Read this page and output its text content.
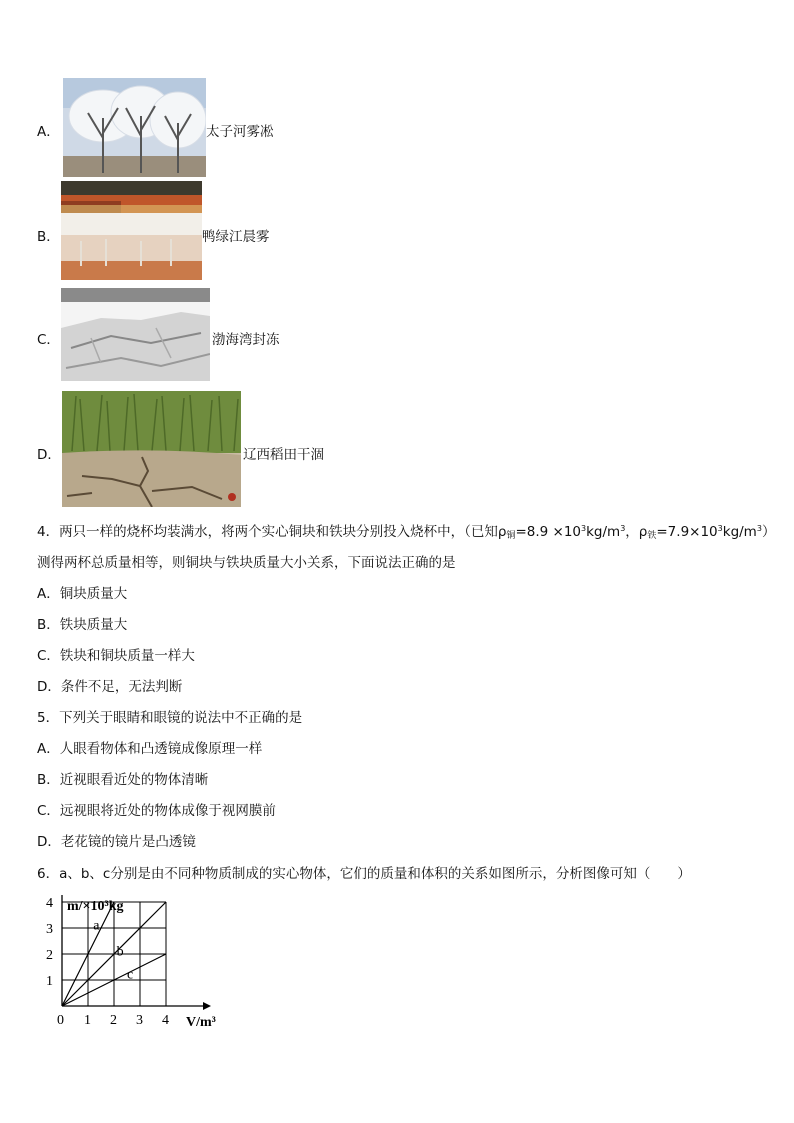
A．	太子河雾凇
B．	鸭绿江晨雾
C．	渤海湾封冻
D．	辽西稻田干涸
4．两只一样的烧杯均装满水，将两个实心铜块和铁块分别投入烧杯中，（已知$\rho_铜=8.9 \times 10^3kg/m^3$，$\rho_铁=7.9\times 10^3kg/m^3$）
测得两杯总质量相等，则铜块与铁块质量大小关系，下面说法正确的是
A．铜块质量大
B．铁块质量大
C．铁块和铜块质量一样大
D．条件不足，无法判断
5．下列关于眼睛和眼镜的说法中不正确的是
A．人眼看物体和凸透镜成像原理一样
B．近视眼看近处的物体清晰
C．远视眼将近处的物体成像于视网膜前
D．老花镜的镜片是凸透镜
6．a、b、c分别是由不同种物质制成的实心物体，它们的质量和体积的关系如图所示，分析图像可知（　　）
a
b
c
0 1 2 3 4
1
2
3
4 m/×10³kg
V/m³
